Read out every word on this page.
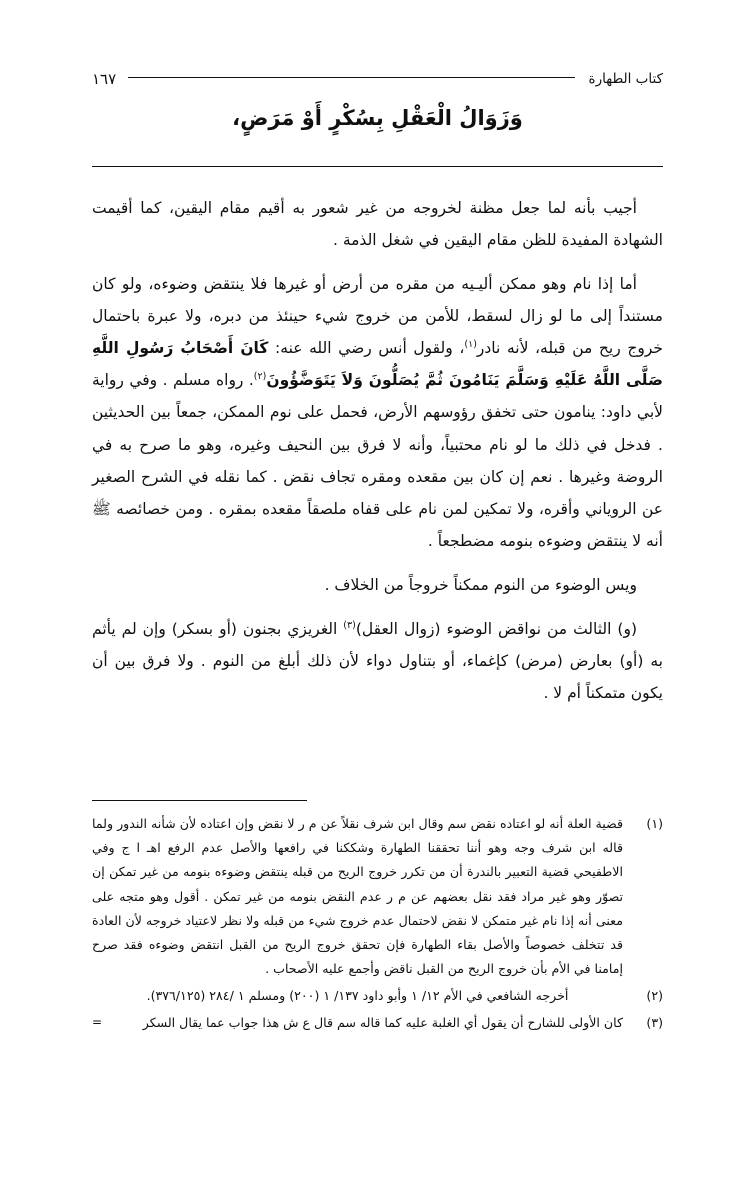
كتاب الطهارة
١٦٧
وَزَوَالُ الْعَقْلِ بِسُكْرٍ أَوْ مَرَضٍ،

أجيب بأنه لما جعل مظنة لخروجه من غير شعور به أقيم مقام اليقين، كما أقيمت الشهادة المفيدة للظن مقام اليقين في شغل الذمة .

أما إذا نام وهو ممكن أليـيه من مقره من أرض أو غيرها فلا ينتقض وضوءه، ولو كان مستنداً إلى ما لو زال لسقط، للأمن من خروج شيء حينئذ من دبره، ولا عبرة باحتمال خروج ريح من قبله، لأنه نادر$^{(١)}$، ولقول أنس رضي الله عنه: كَانَ أَصْحَابُ رَسُولِ اللَّهِ صَلَّى اللَّهُ عَلَيْهِ وَسَلَّمَ يَنَامُونَ ثُمَّ يُصَلُّونَ وَلاَ يَتَوَضَّؤُونَ$^{(٢)}$. رواه مسلم . وفي رواية لأبي داود: ينامون حتى تخفق رؤوسهم الأرض، فحمل على نوم الممكن، جمعاً بين الحديثين . فدخل في ذلك ما لو نام محتبياً، وأنه لا فرق بين النحيف وغيره، وهو ما صرح به في الروضة وغيرها . نعم إن كان بين مقعده ومقره تجاف نقض . كما نقله في الشرح الصغير عن الروياني وأقره، ولا تمكين لمن نام على قفاه ملصقاً مقعده بمقره . ومن خصائصه ﷺ أنه لا ينتقض وضوءه بنومه مضطجعاً .

ويس الوضوء من النوم ممكناً خروجاً من الخلاف .

(و) الثالث من نواقض الوضوء (زوال العقل)$^{(٣)}$ الغريزي بجنون (أو بسكر) وإن لم يأثم به (أو) بعارض (مرض) كإغماء، أو بتناول دواء لأن ذلك أبلغ من النوم . ولا فرق بين أن يكون متمكناً أم لا .

(١)
قضية العلة أنه لو اعتاده نقض سم وقال ابن شرف نقلاً عن م ر لا نقض وإن اعتاده لأن شأنه الندور ولما قاله ابن شرف وجه وهو أننا تحققنا الطهارة وشككنا في رافعها والأصل عدم الرفع اهـ ا ج وفي الاطفيحي قضية التعبير بالندرة أن من تكرر خروج الريح من قبله ينتقض وضوءه بنومه من غير تمكن إن تصوّر وهو غير مراد فقد نقل بعضهم عن م ر عدم النقض بنومه من غير تمكن . أقول وهو متجه على معنى أنه إذا نام غير متمكن لا نقض لاحتمال عدم خروج شيء من قبله ولا نظر لاعتياد خروجه لأن العادة قد تتخلف خصوصاً والأصل بقاء الطهارة فإن تحقق خروج الريح من القبل انتقض وضوءه فقد صرح إمامنا في الأم بأن خروج الريح من القبل ناقض وأجمع عليه الأصحاب .
(٢)
أخرجه الشافعي في الأم ١٢/ ١ وأبو داود ١٣٧/ ١ (٢٠٠) ومسلم ١ /٢٨٤ (٣٧٦/١٢٥).
(٣)
كان الأولى للشارح أن يقول أي الغلبة عليه كما قاله سم قال ع ش هذا جواب عما يقال السكر
=
